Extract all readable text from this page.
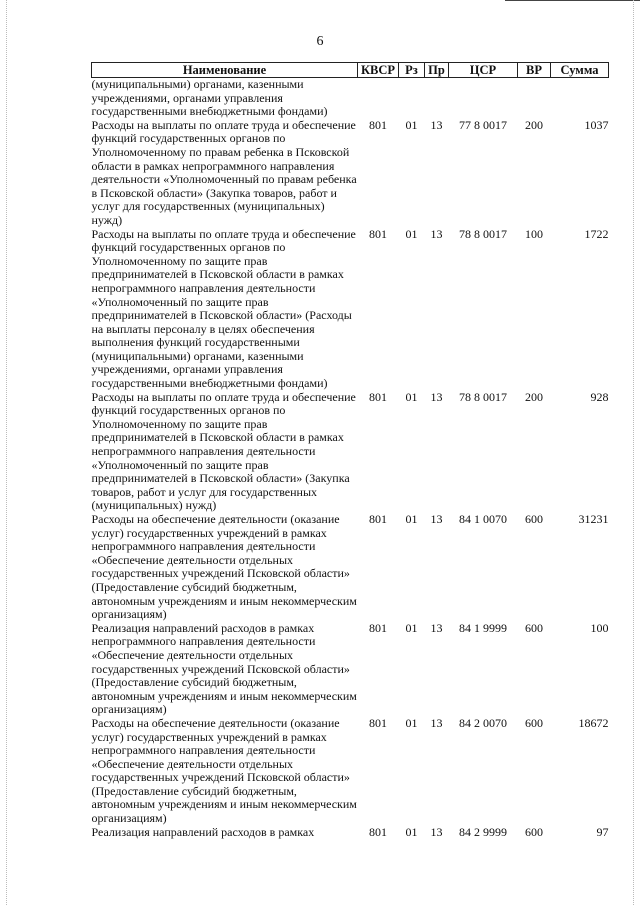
6
Наименование	КВСР	Рз	Пр	ЦСР	ВР	Сумма
(муниципальными) органами, казенными учреждениями, органами управления государственными внебюджетными фондами)						
Расходы на выплаты по оплате труда и обеспечение функций государственных органов по Уполномоченному по правам ребенка в Псковской области в рамках непрограммного направления деятельности «Уполномоченный по правам ребенка в Псковской области» (Закупка товаров, работ и услуг для государственных (муниципальных) нужд)	801	01	13	77 8 0017	200	1037
Расходы на выплаты по оплате труда и обеспечение функций государственных органов по Уполномоченному по защите прав предпринимателей в Псковской области в рамках непрограммного направления деятельности «Уполномоченный по защите прав предпринимателей в Псковской области» (Расходы на выплаты персоналу в целях обеспечения выполнения функций государственными (муниципальными) органами, казенными учреждениями, органами управления государственными внебюджетными фондами)	801	01	13	78 8 0017	100	1722
Расходы на выплаты по оплате труда и обеспечение функций государственных органов по Уполномоченному по защите прав предпринимателей в Псковской области в рамках непрограммного направления деятельности «Уполномоченный по защите прав предпринимателей в Псковской области» (Закупка товаров, работ и услуг для государственных (муниципальных) нужд)	801	01	13	78 8 0017	200	928
Расходы на обеспечение деятельности (оказание услуг) государственных учреждений в рамках непрограммного направления деятельности «Обеспечение деятельности отдельных государственных учреждений Псковской области» (Предоставление субсидий бюджетным, автономным учреждениям и иным некоммерческим организациям)	801	01	13	84 1 0070	600	31231
Реализация направлений расходов в рамках непрограммного направления деятельности «Обеспечение деятельности отдельных государственных учреждений Псковской области» (Предоставление субсидий бюджетным, автономным учреждениям и иным некоммерческим организациям)	801	01	13	84 1 9999	600	100
Расходы на обеспечение деятельности (оказание услуг) государственных учреждений в рамках непрограммного направления деятельности «Обеспечение деятельности отдельных государственных учреждений Псковской области» (Предоставление субсидий бюджетным, автономным учреждениям и иным некоммерческим организациям)	801	01	13	84 2 0070	600	18672
Реализация направлений расходов в рамках	801	01	13	84 2 9999	600	97
